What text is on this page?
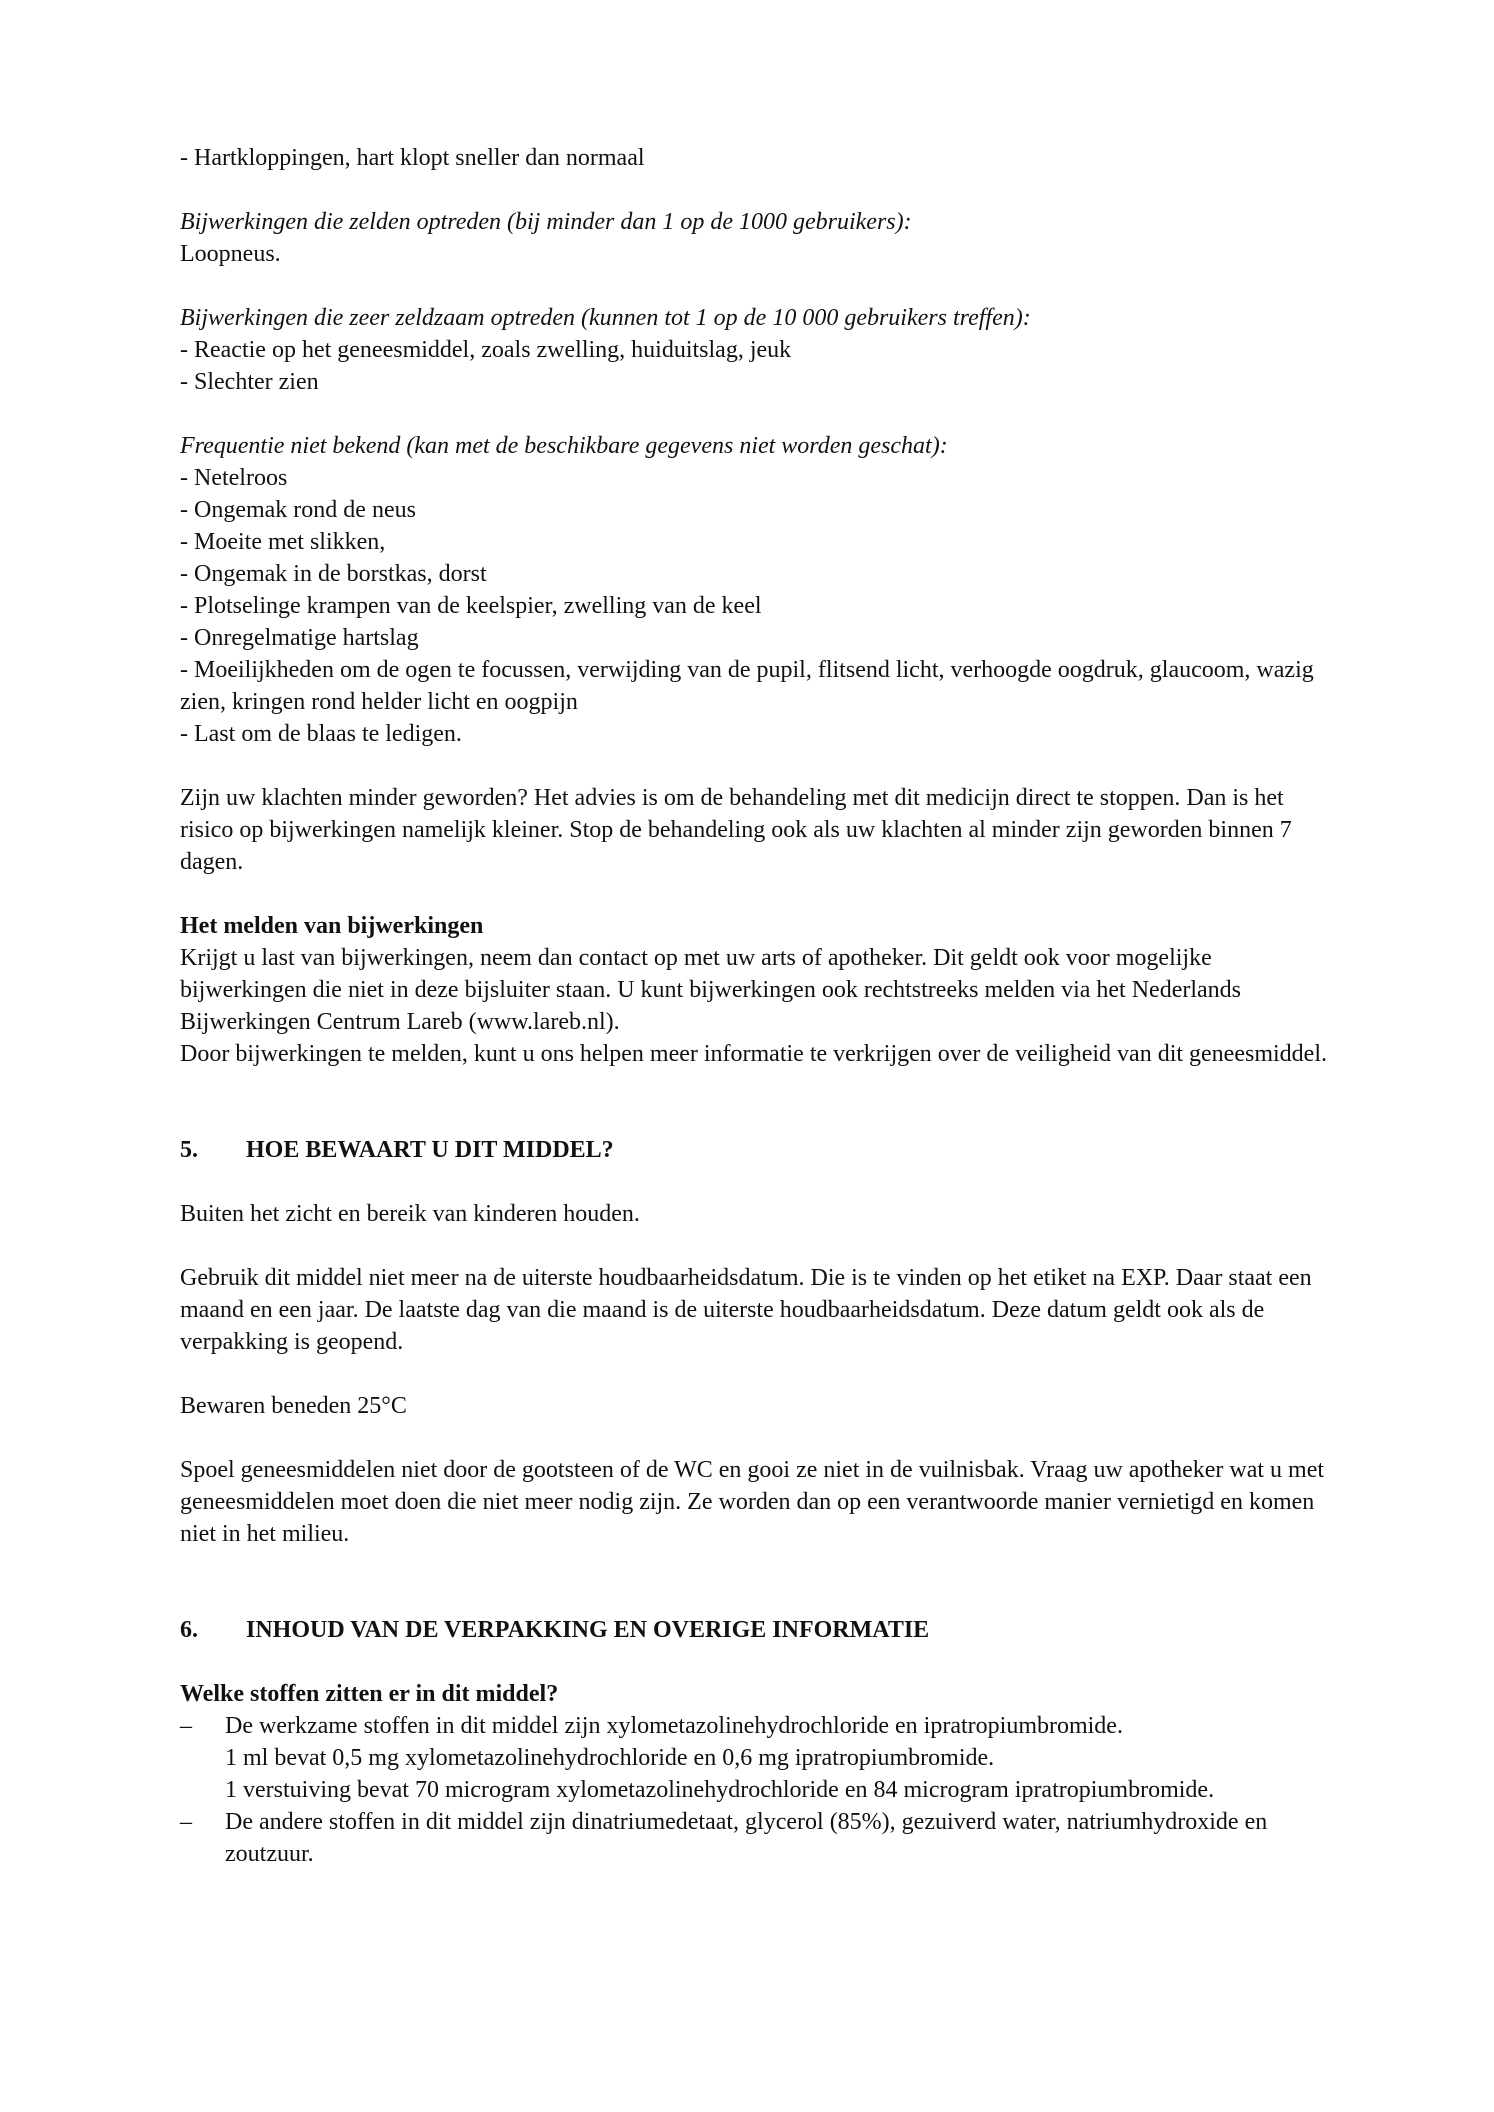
- Hartkloppingen, hart klopt sneller dan normaal

Bijwerkingen die zelden optreden (bij minder dan 1 op de 1000 gebruikers):

Loopneus.

Bijwerkingen die zeer zeldzaam optreden (kunnen tot 1 op de 10 000 gebruikers treffen):

- Reactie op het geneesmiddel, zoals zwelling, huiduitslag, jeuk

- Slechter zien

Frequentie niet bekend (kan met de beschikbare gegevens niet worden geschat):

- Netelroos

- Ongemak rond de neus

- Moeite met slikken,

- Ongemak in de borstkas, dorst

- Plotselinge krampen van de keelspier, zwelling van de keel

- Onregelmatige hartslag

- Moeilijkheden om de ogen te focussen, verwijding van de pupil, flitsend licht, verhoogde oogdruk, glaucoom, wazig zien, kringen rond helder licht en oogpijn

- Last om de blaas te ledigen.

Zijn uw klachten minder geworden? Het advies is om de behandeling met dit medicijn direct te stoppen. Dan is het risico op bijwerkingen namelijk kleiner. Stop de behandeling ook als uw klachten al minder zijn geworden binnen 7 dagen.

Het melden van bijwerkingen

Krijgt u last van bijwerkingen, neem dan contact op met uw arts of apotheker. Dit geldt ook voor mogelijke bijwerkingen die niet in deze bijsluiter staan. U kunt bijwerkingen ook rechtstreeks melden via het Nederlands Bijwerkingen Centrum Lareb (www.lareb.nl).

Door bijwerkingen te melden, kunt u ons helpen meer informatie te verkrijgen over de veiligheid van dit geneesmiddel.

5.	HOE BEWAART U DIT MIDDEL?

Buiten het zicht en bereik van kinderen houden.

Gebruik dit middel niet meer na de uiterste houdbaarheidsdatum. Die is te vinden op het etiket na EXP. Daar staat een maand en een jaar. De laatste dag van die maand is de uiterste houdbaarheidsdatum. Deze datum geldt ook als de verpakking is geopend.

Bewaren beneden 25°C

Spoel geneesmiddelen niet door de gootsteen of de WC en gooi ze niet in de vuilnisbak. Vraag uw apotheker wat u met geneesmiddelen moet doen die niet meer nodig zijn. Ze worden dan op een verantwoorde manier vernietigd en komen niet in het milieu.

6.	INHOUD VAN DE VERPAKKING EN OVERIGE INFORMATIE

Welke stoffen zitten er in dit middel?

–	De werkzame stoffen in dit middel zijn xylometazolinehydrochloride en ipratropiumbromide.

1 ml bevat 0,5 mg xylometazolinehydrochloride en 0,6 mg ipratropiumbromide.

1 verstuiving bevat 70 microgram xylometazolinehydrochloride en 84 microgram ipratropiumbromide.

–	De andere stoffen in dit middel zijn dinatriumedetaat, glycerol (85%), gezuiverd water, natriumhydroxide en zoutzuur.
